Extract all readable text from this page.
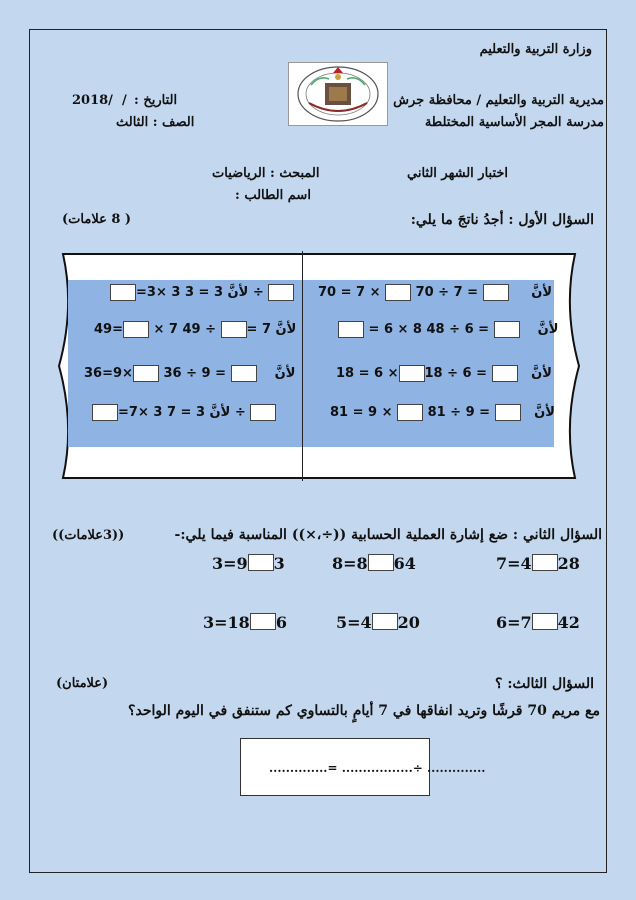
وزارة التربية والتعليم
مديرية التربية والتعليم / محافظة جرش
مدرسة المجر الأساسية المختلطة
التاريخ :
2018/  /
الصف : الثالث
اختبار الشهر الثاني
المبحث : الرياضيات
اسم الطالب :
السؤال الأول : أجدُ ناتجَ ما يلي:
( 8 علامات)
70 = 7 ×  لأنَّ      = 7 ÷ 70
= 6 × 8 لأنَّ     = 6 ÷ 48
18 = 6 ×	لأنَّ    = 6 ÷ 18
81 = 9 ×  لأنَّ    = 9 ÷ 81
=3× 3 لأنَّ 3 = 3 ÷
49= × 7 لأنَّ 7 = ÷ 49
36=9× لأنَّ     = 9 ÷ 36
=7× 3 لأنَّ 3 = 7 ÷
السؤال الثاني : ضع إشارة العملية الحسابية ((÷،×)) المناسبة فيما يلي:-
((3علامات))
7=4 28
8=8 64
3=9 3
6=7 42
5=4 20
3=18 6
السؤال الثالث: ؟
(علامتان)
مع مريم 70 قرشًا وتريد انفاقها في 7 أيامٍ بالتساوي كم ستنفق في اليوم الواحد؟
..............= .................÷ ..............
